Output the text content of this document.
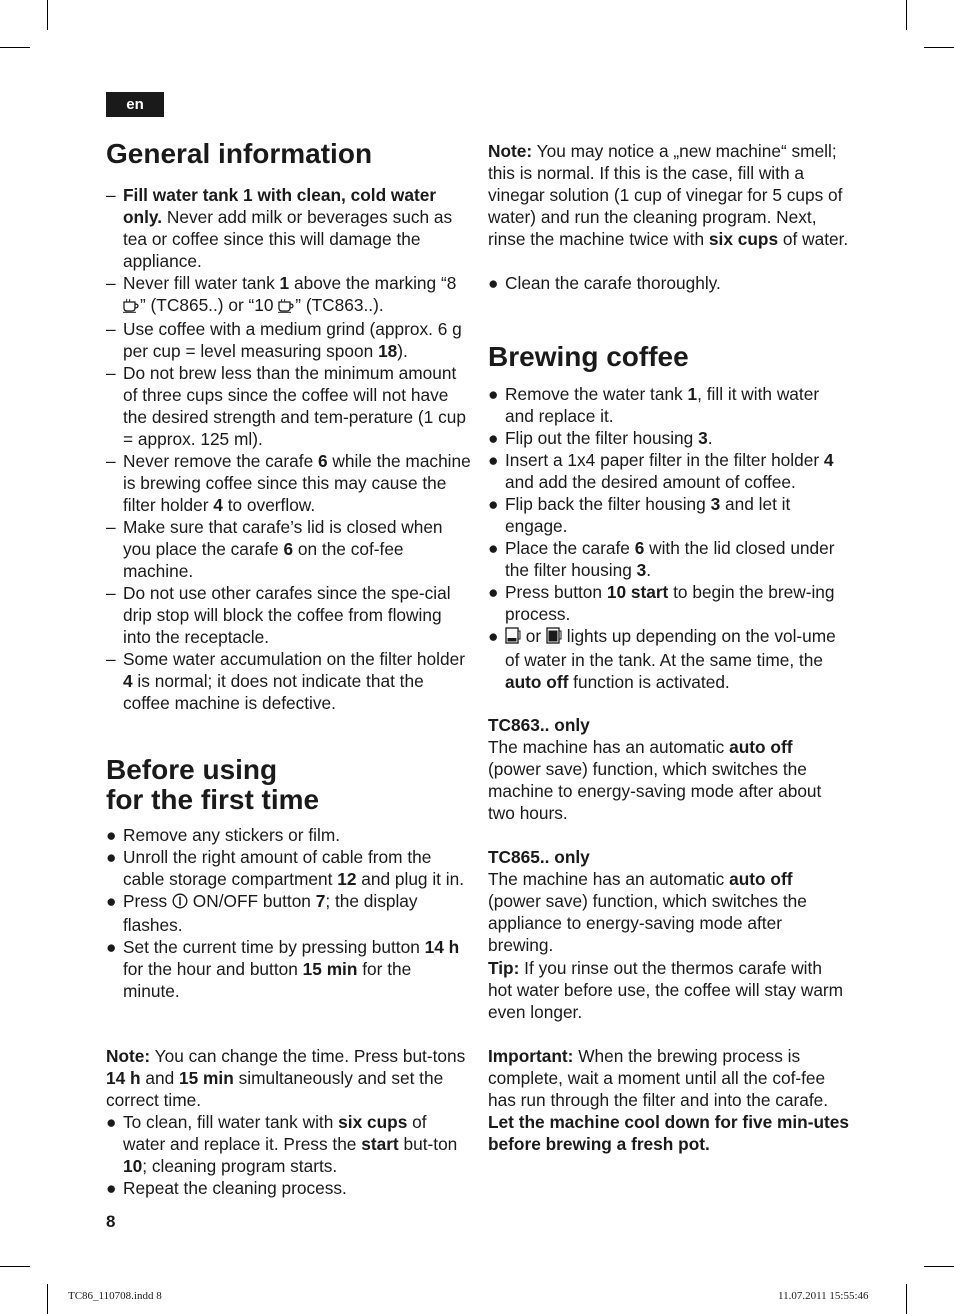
en
General information
– Fill water tank 1 with clean, cold water only. Never add milk or beverages such as tea or coffee since this will damage the appliance.
– Never fill water tank 1 above the marking “8 ” (TC865..) or “10 ” (TC863..).
– Use coffee with a medium grind (approx. 6 g per cup = level measuring spoon 18).
– Do not brew less than the minimum amount of three cups since the coffee will not have the desired strength and tem-perature (1 cup = approx. 125 ml).
– Never remove the carafe 6 while the machine is brewing coffee since this may cause the filter holder 4 to overflow.
– Make sure that carafe’s lid is closed when you place the carafe 6 on the cof-fee machine.
– Do not use other carafes since the spe-cial drip stop will block the coffee from flowing into the receptacle.
– Some water accumulation on the filter holder 4 is normal; it does not indicate that the coffee machine is defective.
Before using
for the first time
● Remove any stickers or film.
● Unroll the right amount of cable from the cable storage compartment 12 and plug it in.
● Press  ON/OFF button 7; the display flashes.
● Set the current time by pressing button 14 h for the hour and button 15 min for the minute.

Note: You can change the time. Press but-tons 14 h and 15 min simultaneously and set the correct time.

● To clean, fill water tank with six cups of water and replace it. Press the start but-ton 10; cleaning program starts.
● Repeat the cleaning process.

Note: You may notice a „new machine“ smell; this is normal. If this is the case, fill with a vinegar solution (1 cup of vinegar for 5 cups of water) and run the cleaning program. Next, rinse the machine twice with six cups of water.

● Clean the carafe thoroughly.
Brewing coffee
● Remove the water tank 1, fill it with water and replace it.
● Flip out the filter housing 3.
● Insert a 1x4 paper filter in the filter holder 4 and add the desired amount of coffee.
● Flip back the filter housing 3 and let it engage.
● Place the carafe 6 with the lid closed under the filter housing 3.
● Press button 10 start to begin the brew-ing process.
● or  lights up depending on the vol-ume of water in the tank. At the same time, the auto off function is activated.

TC863.. only

The machine has an automatic auto off (power save) function, which switches the machine to energy-saving mode after about two hours.

TC865.. only

The machine has an automatic auto off (power save) function, which switches the appliance to energy-saving mode after brewing.

Tip: If you rinse out the thermos carafe with hot water before use, the coffee will stay warm even longer.

Important: When the brewing process is complete, wait a moment until all the cof-fee has run through the filter and into the carafe.
Let the machine cool down for five min-utes before brewing a fresh pot.

8
TC86_110708.indd 8	11.07.2011 15:55:46
